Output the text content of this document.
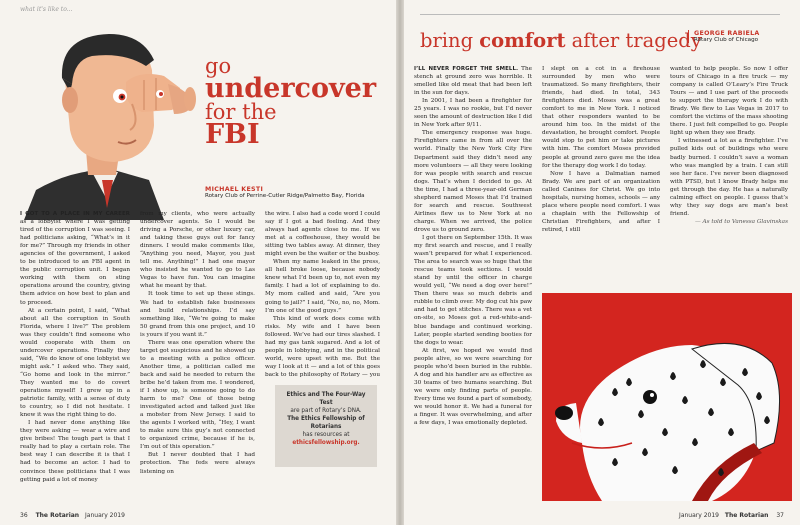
what it's like to...
go
undercover
for the
FBI
MICHAEL KESTI
Rotary Club of Perrine-Cutler Ridge/Palmetto Bay, Florida

I GOT TO A PLACE IN MY CAREER as a lobbyist where I was getting tired of the corruption I was seeing. I had politicians asking, “What’s in it for me?” Through my friends in other agencies of the government, I asked to be introduced to an FBI agent in the public corruption unit. I began working with them on sting operations around the country, giving them advice on how best to plan and to proceed.

At a certain point, I said, “What about all the corruption in South Florida, where I live?” The problem was they couldn’t find someone who would cooperate with them on undercover operations. Finally they said, “We do know of one lobbyist we might ask.” I asked who. They said, “Go home and look in the mirror.” They wanted me to do covert operations myself! I grew up in a patriotic family, with a sense of duty to country, so I did not hesitate. I knew it was the right thing to do.

I had never done anything like they were asking — wear a wire and give bribes! The tough part is that I really had to play a certain role. The best way I can describe it is that I had to become an actor. I had to convince these politicians that I was getting paid a lot of money

from my clients, who were actually undercover agents. So I would be driving a Porsche, or other luxury car, and taking these guys out for fancy dinners. I would make comments like, “Anything you need, Mayor, you just tell me. Anything!” I had one mayor who insisted he wanted to go to Las Vegas to have fun. You can imagine what he meant by that.

It took time to set up these stings. We had to establish fake businesses and build relationships. I’d say something like, “We’re going to make 50 grand from this one project, and 10 is yours if you want it.”

There was one operation where the target got suspicious and he showed up to a meeting with a police officer. Another time, a politician called me back and said he needed to return the bribe he’d taken from me. I wondered, if I show up, is someone going to do harm to me? One of those being investigated acted and talked just like a mobster from New Jersey. I said to the agents I worked with, “Hey, I want to make sure this guy’s not connected to organized crime, because if he is, I’m out of this operation.”

But I never doubted that I had protection. The feds were always listening on

the wire. I also had a code word I could say if I got a bad feeling. And they always had agents close to me. If we met at a coffeehouse, they would be sitting two tables away. At dinner, they might even be the waiter or the busboy.

When my name leaked in the press, all hell broke loose, because nobody knew what I’d been up to, not even my family. I had a lot of explaining to do. My mom called and said, “Are you going to jail?” I said, “No, no, no, Mom. I’m one of the good guys.”

This kind of work does come with risks. My wife and I have been followed. We’ve had our tires slashed. I had my gas tank sugared. And a lot of people in lobbying, and in the political world, were upset with me. But the way I look at it — and a lot of this goes back to the philosophy of Rotary — you

Ethics and The Four-Way Test
are part of Rotary’s DNA.
The Ethics Fellowship of Rotarians
has resources at
ethicsfellowship.org.
36 The Rotarian January 2019
bring comfort after tragedy
GEORGE RABIELA
Rotary Club of Chicago

I’LL NEVER FORGET THE SMELL. The stench at ground zero was horrible. It smelled like old meat that had been left in the sun for days.

In 2001, I had been a firefighter for 25 years. I was no rookie, but I’d never seen the amount of destruction like I did in New York after 9/11.

The emergency response was huge. Firefighters came in from all over the world. Finally the New York City Fire Department said they didn’t need any more volunteers — all they were looking for was people with search and rescue dogs. That’s when I decided to go. At the time, I had a three-year-old German shepherd named Moses that I’d trained for search and rescue. Southwest Airlines flew us to New York at no charge. When we arrived, the police drove us to ground zero.

I got there on September 15th. It was my first search and rescue, and I really wasn’t prepared for what I experienced. The area to search was so huge that the rescue teams took sections. I would stand by until the officer in charge would yell, “We need a dog over here!” Then there was so much debris and rubble to climb over. My dog cut his paw and had to get stitches. There was a vet on-site, so Moses got a red-white-and-blue bandage and continued working. Later, people started sending booties for the dogs to wear.

At first, we hoped we would find people alive, so we were searching for people who’d been buried in the rubble. A dog and his handler are as effective as 30 teams of two humans searching. But we were only finding parts of people. Every time we found a part of somebody, we would honor it. We had a funeral for a finger. It was overwhelming, and after a few days, I was emotionally depleted.

I slept on a cot in a firehouse surrounded by men who were traumatized. So many firefighters, their friends, had died. In total, 343 firefighters died. Moses was a great comfort to me in New York. I noticed that other responders wanted to be around him too. In the midst of the devastation, he brought comfort. People would stop to pet him or take pictures with him. The comfort Moses provided people at ground zero gave me the idea for the therapy dog work I do today.

Now I have a Dalmatian named Brady. We are part of an organization called Canines for Christ. We go into hospitals, nursing homes, schools — any place where people need comfort. I was a chaplain with the Fellowship of Christian Firefighters, and after I retired, I still

wanted to help people. So now I offer tours of Chicago in a fire truck — my company is called O’Leary’s Fire Truck Tours — and I use part of the proceeds to support the therapy work I do with Brady. We flew to Las Vegas in 2017 to comfort the victims of the mass shooting there. I just felt compelled to go. People light up when they see Brady.

I witnessed a lot as a firefighter. I’ve pulled kids out of buildings who were badly burned. I couldn’t save a woman who was mangled by a train. I can still see her face. I’ve never been diagnosed with PTSD, but I know Brady helps me get through the day. He has a naturally calming effect on people. I guess that’s why they say dogs are man’s best friend.

— As told to Vanessa Glavinskas
January 2019 The Rotarian 37
